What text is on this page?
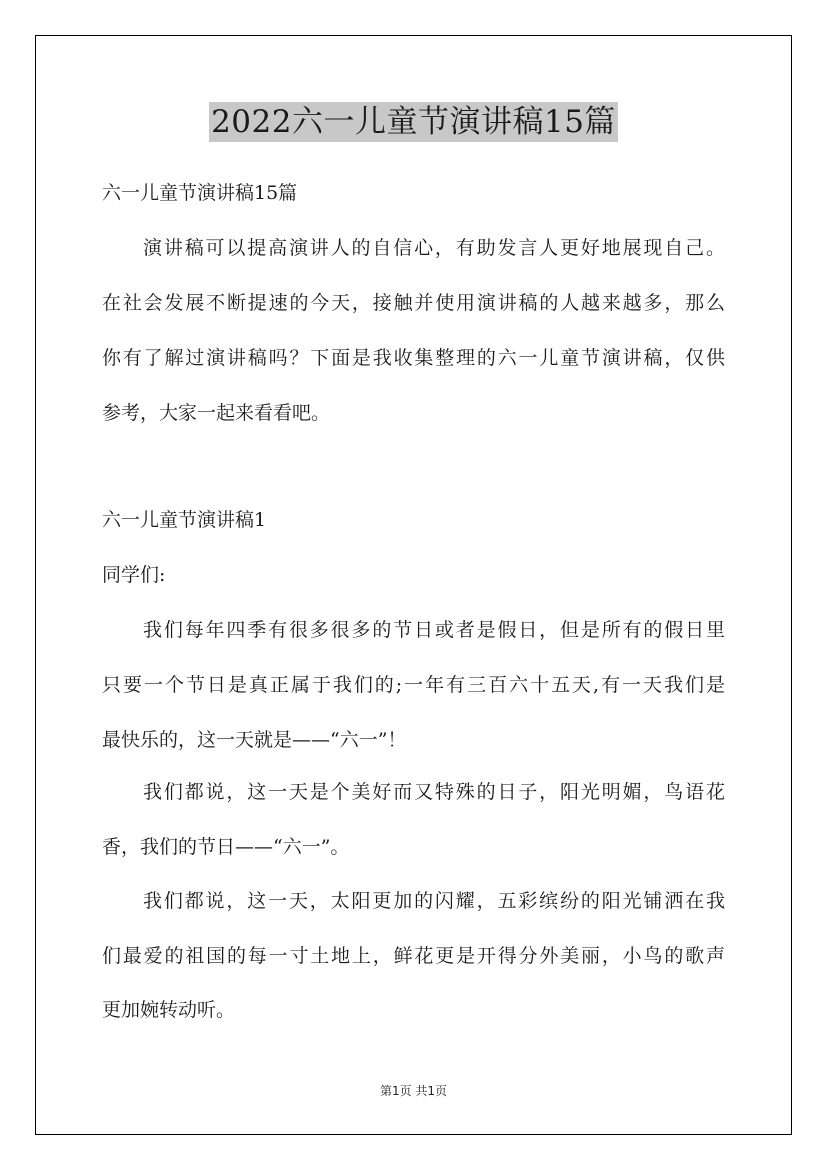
2022六一儿童节演讲稿15篇

六一儿童节演讲稿15篇

演讲稿可以提高演讲人的自信心，有助发言人更好地展现自己。

在社会发展不断提速的今天，接触并使用演讲稿的人越来越多，那么

你有了解过演讲稿吗？下面是我收集整理的六一儿童节演讲稿，仅供

参考，大家一起来看看吧。

六一儿童节演讲稿1

同学们:

我们每年四季有很多很多的节日或者是假日，但是所有的假日里

只要一个节日是真正属于我们的;一年有三百六十五天,有一天我们是

最快乐的，这一天就是——“六一”！

我们都说，这一天是个美好而又特殊的日子，阳光明媚，鸟语花

香，我们的节日——“六一”。

我们都说，这一天，太阳更加的闪耀，五彩缤纷的阳光铺洒在我

们最爱的祖国的每一寸土地上，鲜花更是开得分外美丽，小鸟的歌声

更加婉转动听。

第1页 共1页
